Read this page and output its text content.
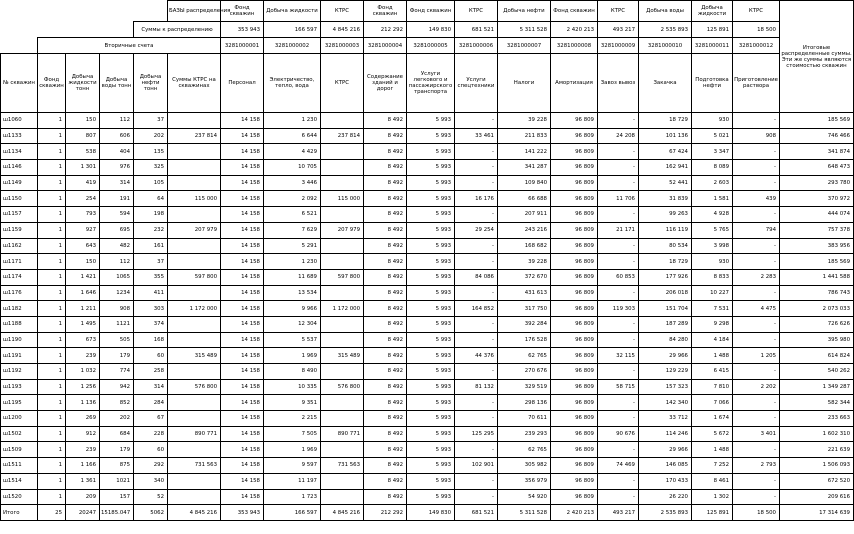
					БАЗЫ распределения	Фонд скважин	Добыча жидкости	КТРС	Фонд скважин	Фонд скважин	КТРС	Добыча нефти	Фонд скважин	КТРС	Добыча воды	Добыча жидкости	КТРС	Итоговые распределенные суммы. Эти же суммы являются стоимостью скважин
				Суммы к распределению		353 943	166 597	4 845 216	212 292	149 830	681 521	5 311 528	2 420 213	493 217	2 535 893	125 891	18 500	
	Вторичные счета					3281000001	3281000002	3281000003	3281000004	3281000005	3281000006	3281000007	3281000008	3281000009	3281000010	3281000011	3281000012	
№ скважин	Фонд скважин	Добыча жидкости тонн	Добыча воды тонн	Добыча нефти тонн	Суммы КТРС на скважинах	Персонал	Электричество, тепло, вода	КТРС	Содержание зданий и дорог	Услуги легкового и пассажирского транспорта	Услуги спецтехники	Налоги	Амортизация	Завоз вывоз	Закачка	Подготовка нефти	Приготовление раствора	
ш1060	1	150	112	37		14 158	1 230		8 492	5 993	-	39 228	96 809	-	18 729	930	-	185 569
ш1133	1	807	606	202	237 814	14 158	6 644	237 814	8 492	5 993	33 461	211 833	96 809	24 208	101 136	5 021	908	746 466
ш1134	1	538	404	135		14 158	4 429		8 492	5 993	-	141 222	96 809	-	67 424	3 347	-	341 874
ш1146	1	1 301	976	325		14 158	10 705		8 492	5 993	-	341 287	96 809	-	162 941	8 089	-	648 473
ш1149	1	419	314	105		14 158	3 446		8 492	5 993	-	109 840	96 809	-	52 441	2 603	-	293 780
ш1150	1	254	191	64	115 000	14 158	2 092	115 000	8 492	5 993	16 176	66 688	96 809	11 706	31 839	1 581	439	370 972
ш1157	1	793	594	198		14 158	6 521		8 492	5 993	-	207 911	96 809	-	99 263	4 928	-	444 074
ш1159	1	927	695	232	207 979	14 158	7 629	207 979	8 492	5 993	29 254	243 216	96 809	21 171	116 119	5 765	794	757 378
ш1162	1	643	482	161		14 158	5 291		8 492	5 993	-	168 682	96 809	-	80 534	3 998	-	383 956
ш1171	1	150	112	37		14 158	1 230		8 492	5 993	-	39 228	96 809	-	18 729	930	-	185 569
ш1174	1	1 421	1065	355	597 800	14 158	11 689	597 800	8 492	5 993	84 086	372 670	96 809	60 853	177 926	8 833	2 283	1 441 588
ш1176	1	1 646	1234	411		14 158	13 534		8 492	5 993	-	431 613	96 809	-	206 018	10 227	-	786 743
ш1182	1	1 211	908	303	1 172 000	14 158	9 966	1 172 000	8 492	5 993	164 852	317 750	96 809	119 303	151 704	7 531	4 475	2 073 033
ш1188	1	1 495	1121	374		14 158	12 304		8 492	5 993	-	392 284	96 809	-	187 289	9 298	-	726 626
ш1190	1	673	505	168		14 158	5 537		8 492	5 993	-	176 528	96 809	-	84 280	4 184	-	395 980
ш1191	1	239	179	60	315 489	14 158	1 969	315 489	8 492	5 993	44 376	62 765	96 809	32 115	29 966	1 488	1 205	614 824
ш1192	1	1 032	774	258		14 158	8 490		8 492	5 993	-	270 676	96 809	-	129 229	6 415	-	540 262
ш1193	1	1 256	942	314	576 800	14 158	10 335	576 800	8 492	5 993	81 132	329 519	96 809	58 715	157 323	7 810	2 202	1 349 287
ш1195	1	1 136	852	284		14 158	9 351		8 492	5 993	-	298 136	96 809	-	142 340	7 066	-	582 344
ш1200	1	269	202	67		14 158	2 215		8 492	5 993	-	70 611	96 809	-	33 712	1 674	-	233 663
ш1502	1	912	684	228	890 771	14 158	7 505	890 771	8 492	5 993	125 295	239 293	96 809	90 676	114 246	5 672	3 401	1 602 310
ш1509	1	239	179	60		14 158	1 969		8 492	5 993	-	62 765	96 809	-	29 966	1 488	-	221 639
ш1511	1	1 166	875	292	731 563	14 158	9 597	731 563	8 492	5 993	102 901	305 982	96 809	74 469	146 085	7 252	2 793	1 506 093
ш1514	1	1 361	1021	340		14 158	11 197		8 492	5 993	-	356 979	96 809	-	170 433	8 461	-	672 520
ш1520	1	209	157	52		14 158	1 723		8 492	5 993	-	54 920	96 809	-	26 220	1 302	-	209 616
Итого	25	20247	15185.047	5062	4 845 216	353 943	166 597	4 845 216	212 292	149 830	681 521	5 311 528	2 420 213	493 217	2 535 893	125 891	18 500	17 314 639
